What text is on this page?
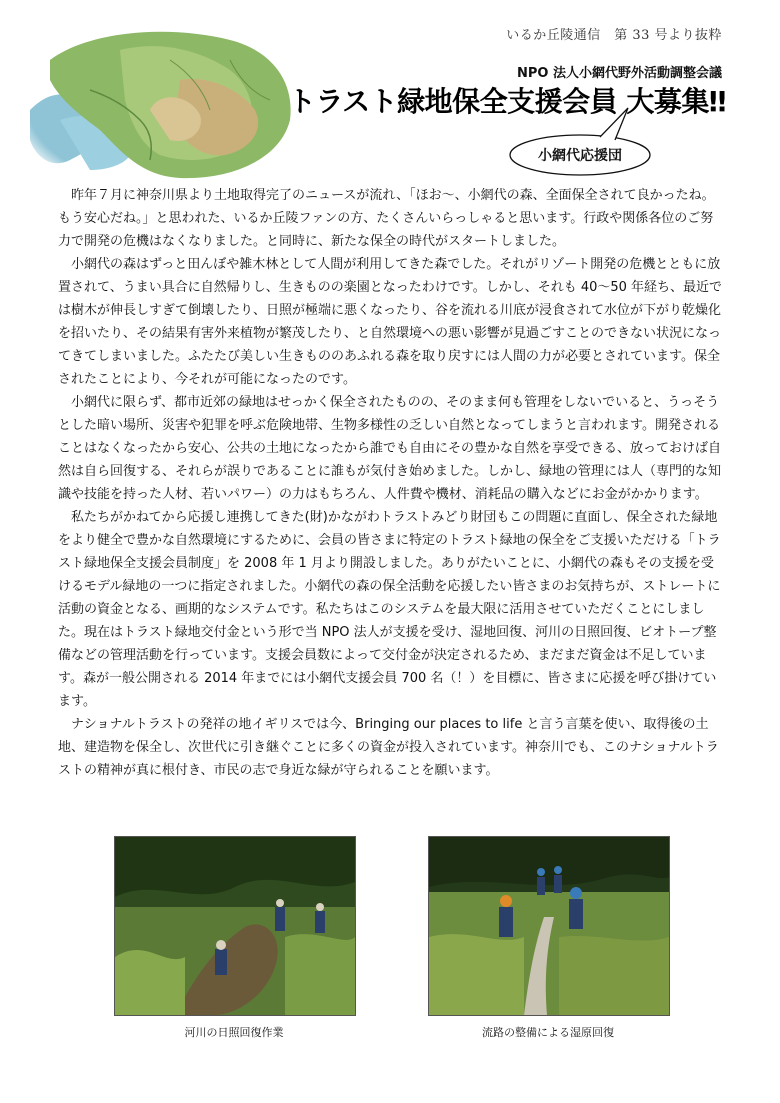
いるか丘陵通信　第 33 号より抜粋
NPO 法人小網代野外活動調整会議
トラスト緑地保全支援会員 大募集‼
小網代応援団

昨年７月に神奈川県より土地取得完了のニュースが流れ、「ほお〜、小網代の森、全面保全されて良かったね。もう安心だね。」と思われた、いるか丘陵ファンの方、たくさんいらっしゃると思います。行政や関係各位のご努力で開発の危機はなくなりました。と同時に、新たな保全の時代がスタートしました。

小網代の森はずっと田んぼや雑木林として人間が利用してきた森でした。それがリゾート開発の危機とともに放置されて、うまい具合に自然帰りし、生きものの楽園となったわけです。しかし、それも 40〜50 年経ち、最近では樹木が伸長しすぎて倒壊したり、日照が極端に悪くなったり、谷を流れる川底が浸食されて水位が下がり乾燥化を招いたり、その結果有害外来植物が繁茂したり、と自然環境への悪い影響が見過ごすことのできない状況になってきてしまいました。ふたたび美しい生きもののあふれる森を取り戻すには人間の力が必要とされています。保全されたことにより、今それが可能になったのです。

小網代に限らず、都市近郊の緑地はせっかく保全されたものの、そのまま何も管理をしないでいると、うっそうとした暗い場所、災害や犯罪を呼ぶ危険地帯、生物多様性の乏しい自然となってしまうと言われます。開発されることはなくなったから安心、公共の土地になったから誰でも自由にその豊かな自然を享受できる、放っておけば自然は自ら回復する、それらが誤りであることに誰もが気付き始めました。しかし、緑地の管理には人（専門的な知識や技能を持った人材、若いパワー）の力はもちろん、人件費や機材、消耗品の購入などにお金がかかります。

私たちがかねてから応援し連携してきた(財)かながわトラストみどり財団もこの問題に直面し、保全された緑地をより健全で豊かな自然環境にするために、会員の皆さまに特定のトラスト緑地の保全をご支援いただける「トラスト緑地保全支援会員制度」を 2008 年 1 月より開設しました。ありがたいことに、小網代の森もその支援を受けるモデル緑地の一つに指定されました。小網代の森の保全活動を応援したい皆さまのお気持ちが、ストレートに活動の資金となる、画期的なシステムです。私たちはこのシステムを最大限に活用させていただくことにしました。現在はトラスト緑地交付金という形で当 NPO 法人が支援を受け、湿地回復、河川の日照回復、ビオトープ整備などの管理活動を行っています。支援会員数によって交付金が決定されるため、まだまだ資金は不足しています。森が一般公開される 2014 年までには小網代支援会員 700 名（！）を目標に、皆さまに応援を呼び掛けています。

ナショナルトラストの発祥の地イギリスでは今、Bringing our places to life と言う言葉を使い、取得後の土地、建造物を保全し、次世代に引き継ぐことに多くの資金が投入されています。神奈川でも、このナショナルトラストの精神が真に根付き、市民の志で身近な緑が守られることを願います。

河川の日照回復作業	流路の整備による湿原回復
